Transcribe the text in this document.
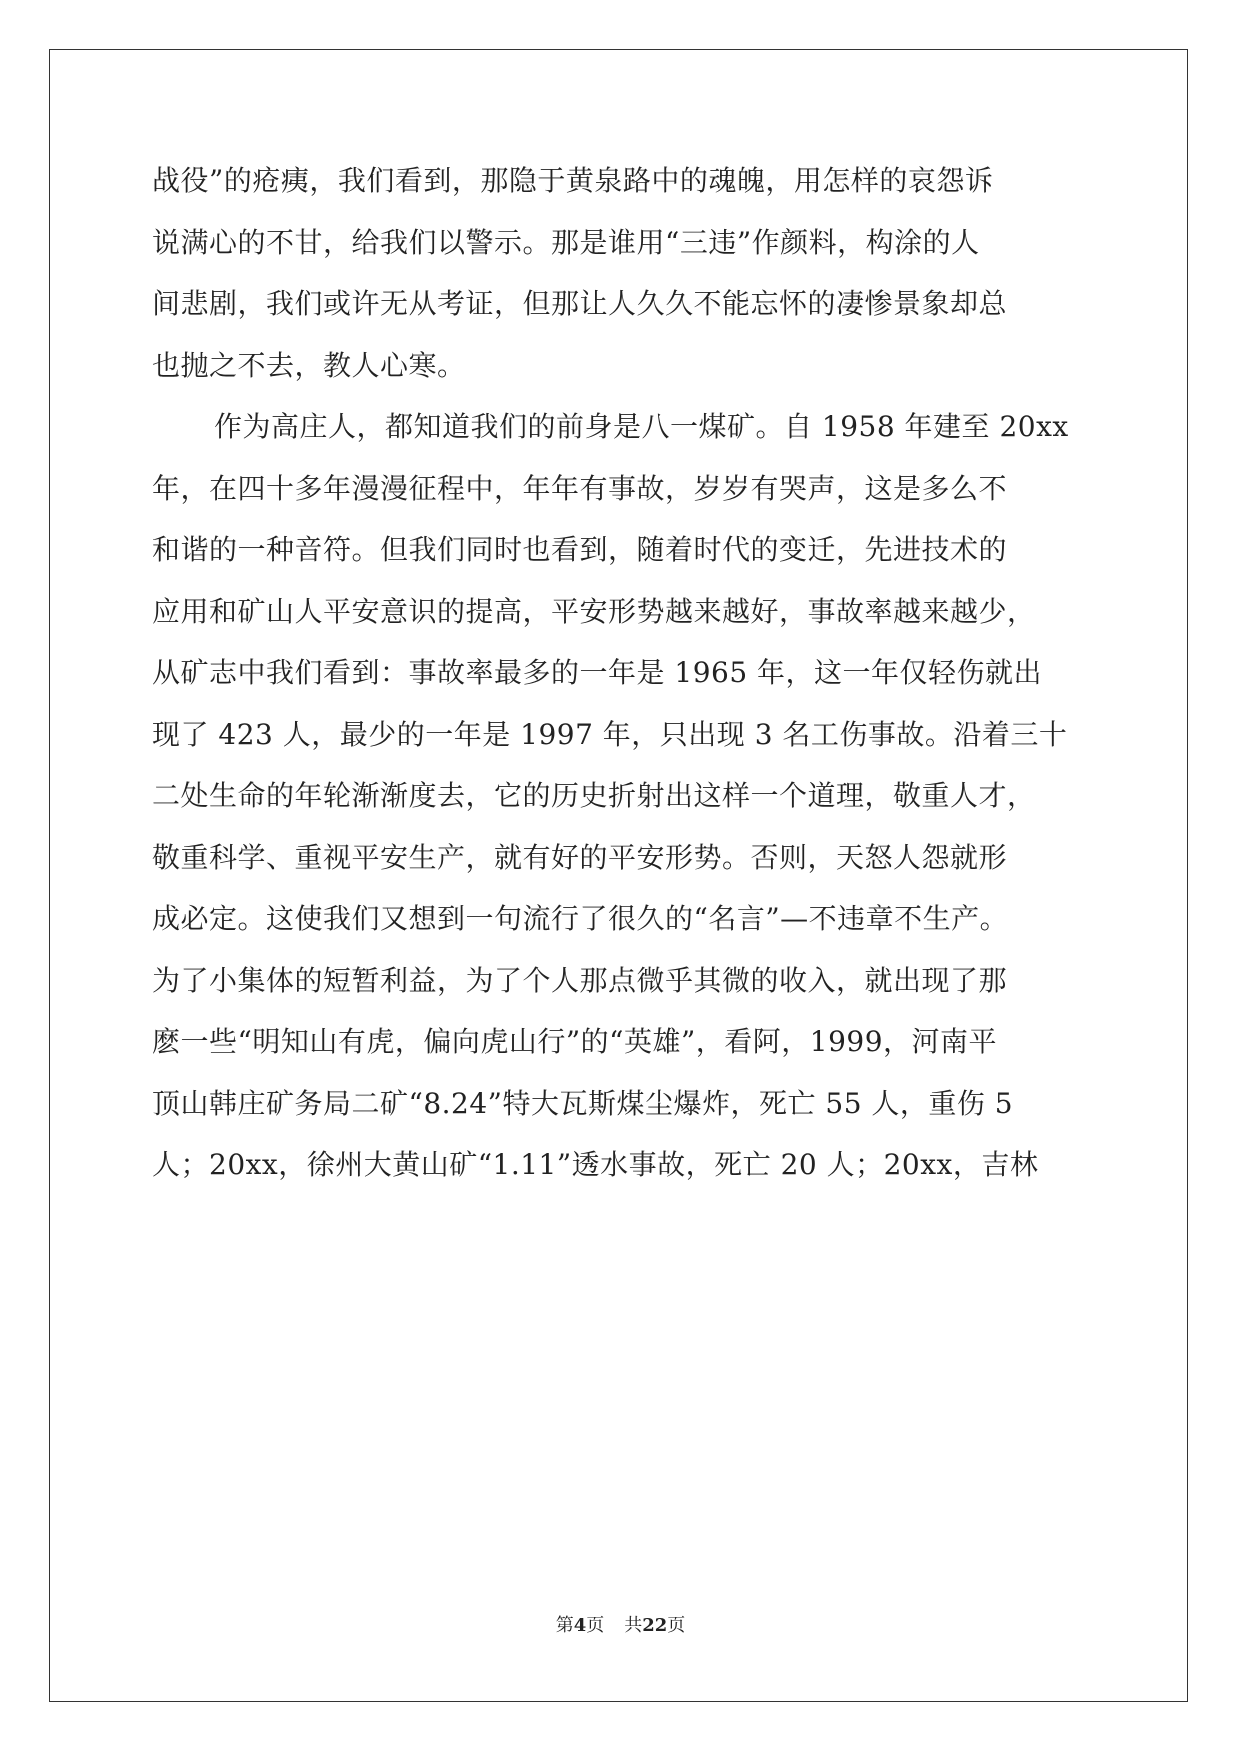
战役”的疮痍，我们看到，那隐于黄泉路中的魂魄，用怎样的哀怨诉
说满心的不甘，给我们以警示。那是谁用“三违”作颜料，构涂的人
间悲剧，我们或许无从考证，但那让人久久不能忘怀的凄惨景象却总
也抛之不去，教人心寒。
作为高庄人，都知道我们的前身是八一煤矿。自 1958 年建至 20xx
年，在四十多年漫漫征程中，年年有事故，岁岁有哭声，这是多么不
和谐的一种音符。但我们同时也看到，随着时代的变迁，先进技术的
应用和矿山人平安意识的提高，平安形势越来越好，事故率越来越少，
从矿志中我们看到：事故率最多的一年是 1965 年，这一年仅轻伤就出
现了 423 人，最少的一年是 1997 年，只出现 3 名工伤事故。沿着三十
二处生命的年轮渐渐度去，它的历史折射出这样一个道理，敬重人才，
敬重科学、重视平安生产，就有好的平安形势。否则，天怒人怨就形
成必定。这使我们又想到一句流行了很久的“名言”—不违章不生产。
为了小集体的短暂利益，为了个人那点微乎其微的收入，就出现了那
麽一些“明知山有虎，偏向虎山行”的“英雄”，看阿，1999，河南平
顶山韩庄矿务局二矿“8.24”特大瓦斯煤尘爆炸，死亡 55 人，重伤 5
人；20xx，徐州大黄山矿“1.11”透水事故，死亡 20 人；20xx，吉林
第4页 共22页
